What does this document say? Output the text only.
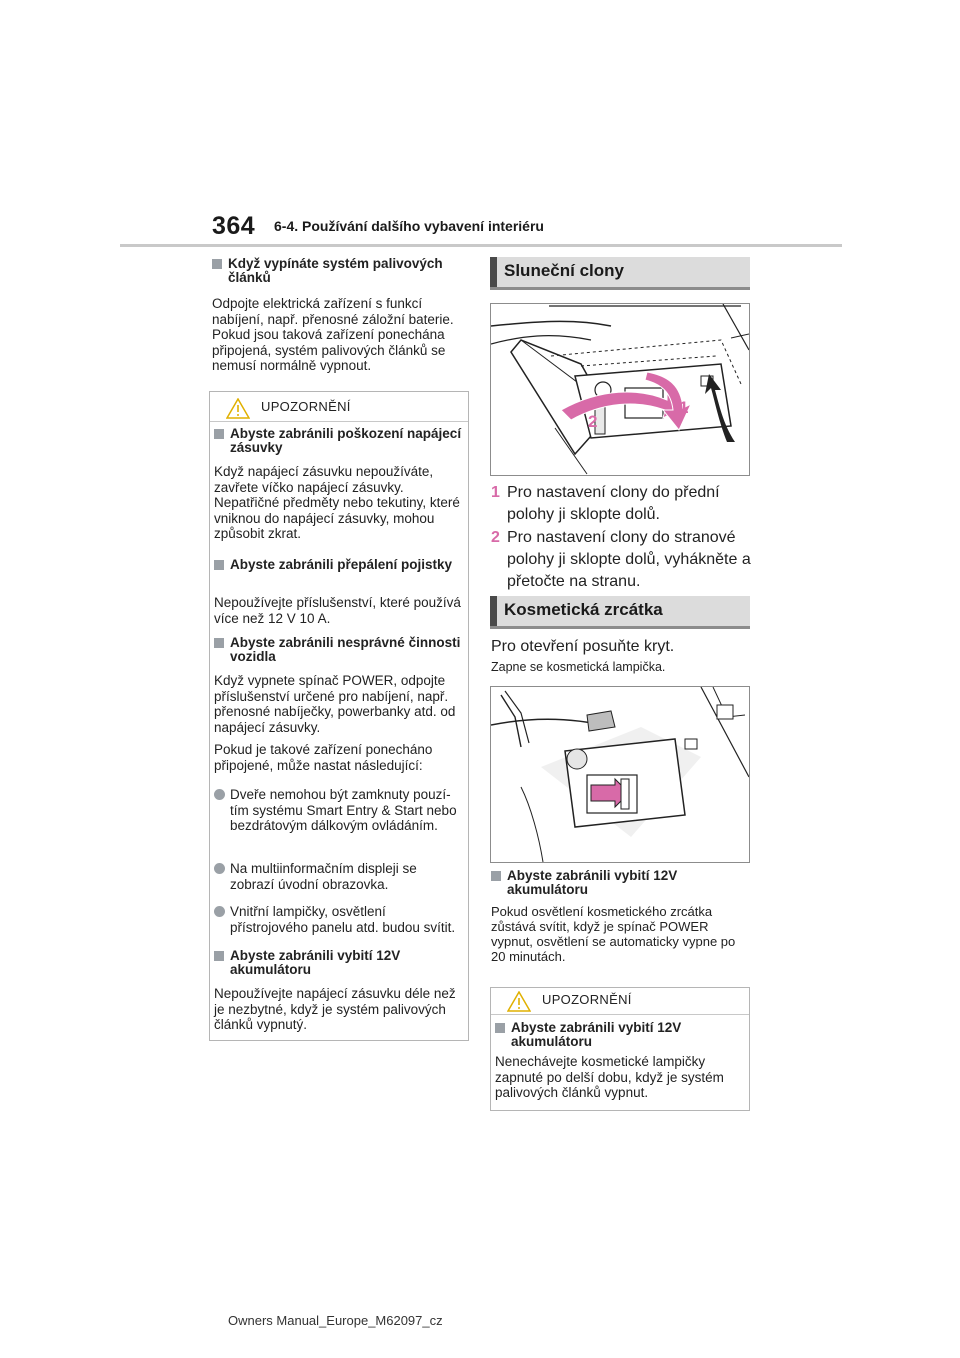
364 6-4. Používání dalšího vybavení interiéru
Když vypínáte systém palivových článků
Odpojte elektrická zařízení s funkcí nabíjení, např. přenosné záložní baterie. Pokud jsou taková zařízení ponechána připojená, systém palivových článků se nemusí normálně vypnout.
UPOZORNĚNÍ
Abyste zabránili poškození napájecí zásuvky
Když napájecí zásuvku nepoužíváte, zavřete víčko napájecí zásuvky. Nepatřičné předměty nebo tekutiny, které vniknou do napájecí zásuvky, mohou způsobit zkrat.
Abyste zabránili přepálení pojistky
Nepoužívejte příslušenství, které používá více než 12 V 10 A.
Abyste zabránili nesprávné činnosti vozidla
Když vypnete spínač POWER, odpojte příslušenství určené pro nabíjení, např. přenosné nabíječky, powerbanky atd. od napájecí zásuvky.
Pokud je takové zařízení ponecháno připojené, může nastat následující:
Dveře nemohou být zamknuty pouzítím systému Smart Entry & Start nebo bezdrátovým dálkovým ovládáním.
Na multiinformačním displeji se zobrazí úvodní obrazovka.
Vnitřní lampičky, osvětlení přístrojového panelu atd. budou svítit.
Abyste zabránili vybití 12V akumulátoru
Nepoužívejte napájecí zásuvku déle než je nezbytné, když je systém palivových článků vypnutý.
Sluneční clony
1
2
1 Pro nastavení clony do přední polohy ji sklopte dolů.
2 Pro nastavení clony do stranové polohy ji sklopte dolů, vyhákněte a přetočte na stranu.
Kosmetická zrcátka
Pro otevření posuňte kryt.
Zapne se kosmetická lampička.
Abyste zabránili vybití 12V akumulátoru
Pokud osvětlení kosmetického zrcátka zůstává svítit, když je spínač POWER vypnut, osvětlení se automaticky vypne po 20 minutách.
UPOZORNĚNÍ
Abyste zabránili vybití 12V akumulátoru
Nenechávejte kosmetické lampičky zapnuté po delší dobu, když je systém palivových článků vypnut.
Owners Manual_Europe_M62097_cz
